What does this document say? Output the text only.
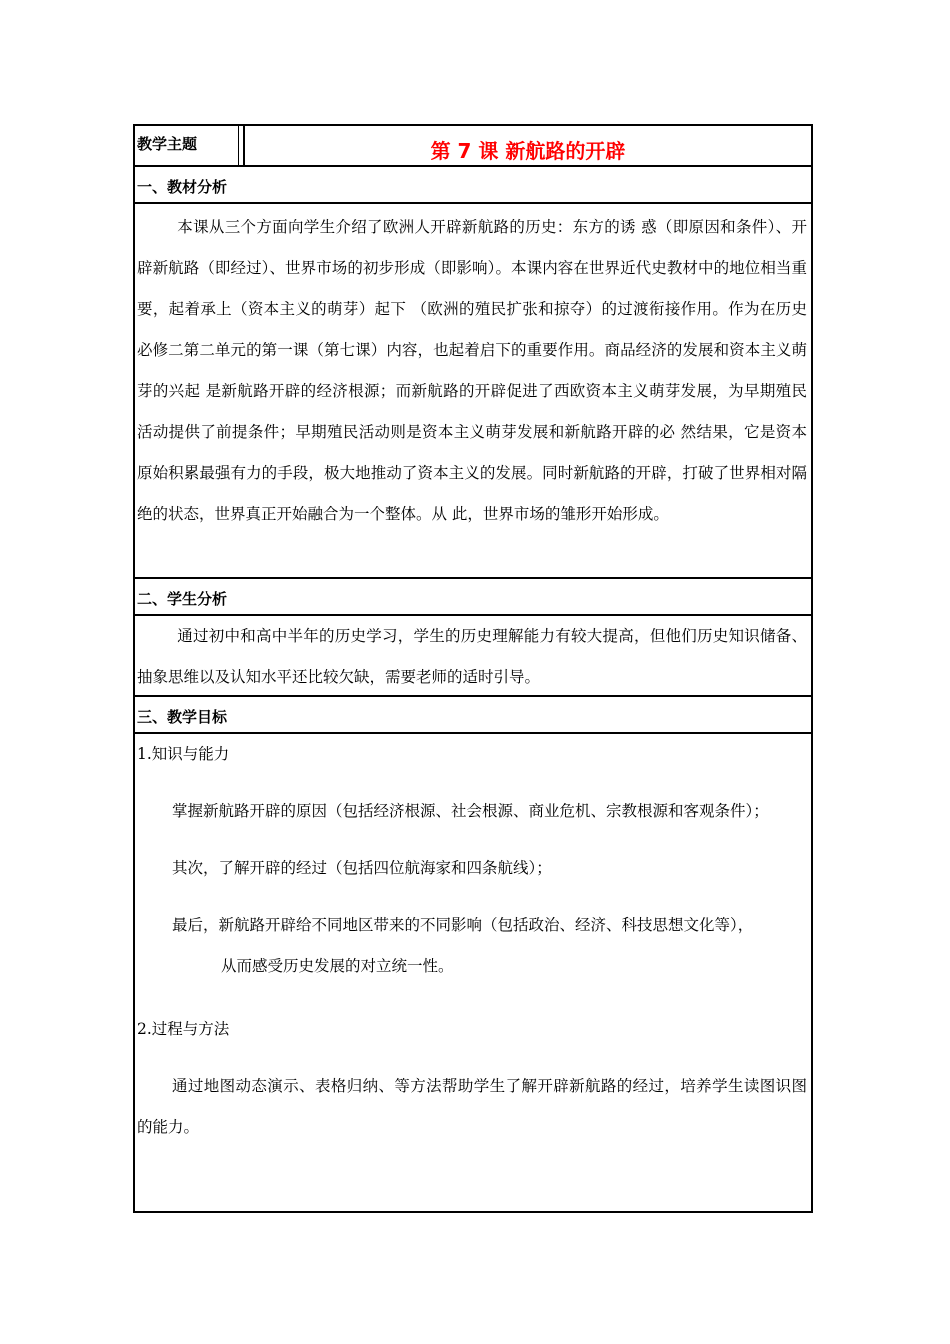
教学主题	第 7 课 新航路的开辟
一、教材分析

本课从三个方面向学生介绍了欧洲人开辟新航路的历史：东方的诱 惑（即原因和条件）、开辟新航路（即经过）、世界市场的初步形成（即影响）。本课内容在世界近代史教材中的地位相当重要，起着承上（资本主义的萌芽）起下 （欧洲的殖民扩张和掠夺）的过渡衔接作用。作为在历史必修二第二单元的第一课（第七课）内容，也起着启下的重要作用。商品经济的发展和资本主义萌芽的兴起 是新航路开辟的经济根源；而新航路的开辟促进了西欧资本主义萌芽发展，为早期殖民活动提供了前提条件；早期殖民活动则是资本主义萌芽发展和新航路开辟的必 然结果，它是资本原始积累最强有力的手段，极大地推动了资本主义的发展。同时新航路的开辟，打破了世界相对隔绝的状态，世界真正开始融合为一个整体。从 此，世界市场的雏形开始形成。

二、学生分析

通过初中和高中半年的历史学习，学生的历史理解能力有较大提高，但他们历史知识储备、抽象思维以及认知水平还比较欠缺，需要老师的适时引导。

三、教学目标

1.知识与能力

掌握新航路开辟的原因（包括经济根源、社会根源、商业危机、宗教根源和客观条件）；

其次，了解开辟的经过（包括四位航海家和四条航线）；

最后，新航路开辟给不同地区带来的不同影响（包括政治、经济、科技思想文化等），

从而感受历史发展的对立统一性。

2.过程与方法

通过地图动态演示、表格归纳、等方法帮助学生了解开辟新航路的经过，培养学生读图识图的能力。
